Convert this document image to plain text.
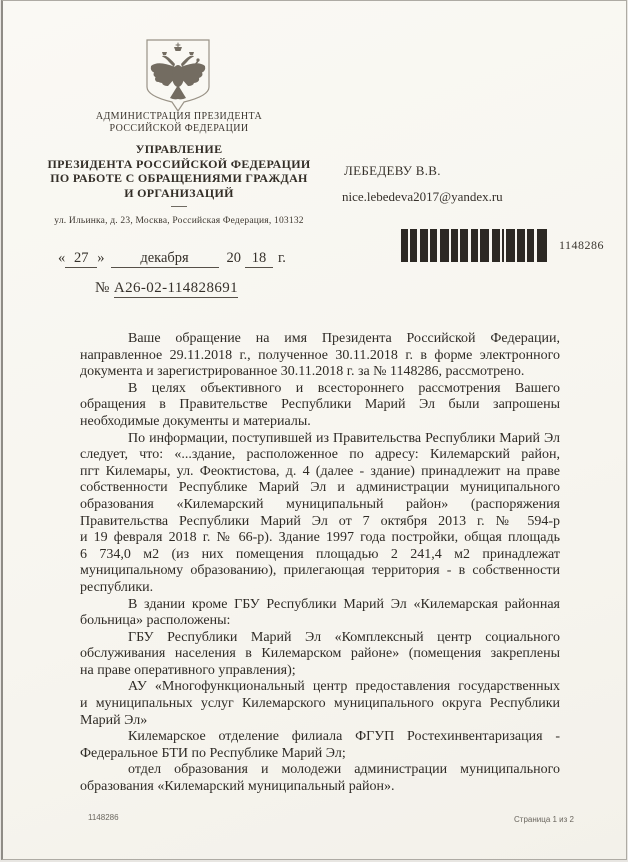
АДМИНИСТРАЦИЯ ПРЕЗИДЕНТА
РОССИЙСКОЙ ФЕДЕРАЦИИ
УПРАВЛЕНИЕ
ПРЕЗИДЕНТА РОССИЙСКОЙ ФЕДЕРАЦИИ
ПО РАБОТЕ С ОБРАЩЕНИЯМИ ГРАЖДАН
И ОРГАНИЗАЦИЙ
ул. Ильинка, д. 23, Москва, Российская Федерация, 103132
ЛЕБЕДЕВУ В.В.
nice.lebedeva2017@yandex.ru
1148286
« 27 » декабря	20 18 г.
№ А26-02-114828691
Ваше обращение на имя Президента Российской Федерации,
направленное 29.11.2018 г., полученное 30.11.2018 г. в форме электронного
документа и зарегистрированное 30.11.2018 г. за № 1148286, рассмотрено.
В целях объективного и всестороннего рассмотрения Вашего
обращения в Правительстве Республики Марий Эл были запрошены
необходимые документы и материалы.
По информации, поступившей из Правительства Республики Марий Эл
следует, что: «...здание, расположенное по адресу: Килемарский район,
пгт Килемары, ул. Феоктистова, д. 4 (далее - здание) принадлежит на праве
собственности Республике Марий Эл и администрации муниципального
образования «Килемарский муниципальный район» (распоряжения
Правительства Республики Марий Эл от 7 октября 2013 г. № 594-р
и 19 февраля 2018 г. № 66-р). Здание 1997 года постройки, общая площадь
6 734,0 м2 (из них помещения площадью 2 241,4 м2 принадлежат
муниципальному образованию), прилегающая территория - в собственности
республики.
В здании кроме ГБУ Республики Марий Эл «Килемарская районная
больница» расположены:
ГБУ Республики Марий Эл «Комплексный центр социального
обслуживания населения в Килемарском районе» (помещения закреплены
на праве оперативного управления);
АУ «Многофункциональный центр предоставления государственных
и муниципальных услуг Килемарского муниципального округа Республики
Марий Эл»
Килемарское отделение филиала ФГУП Ростехинвентаризация -
Федеральное БТИ по Республике Марий Эл;
отдел образования и молодежи администрации муниципального
образования «Килемарский муниципальный район».
1148286	Страница 1 из 2
